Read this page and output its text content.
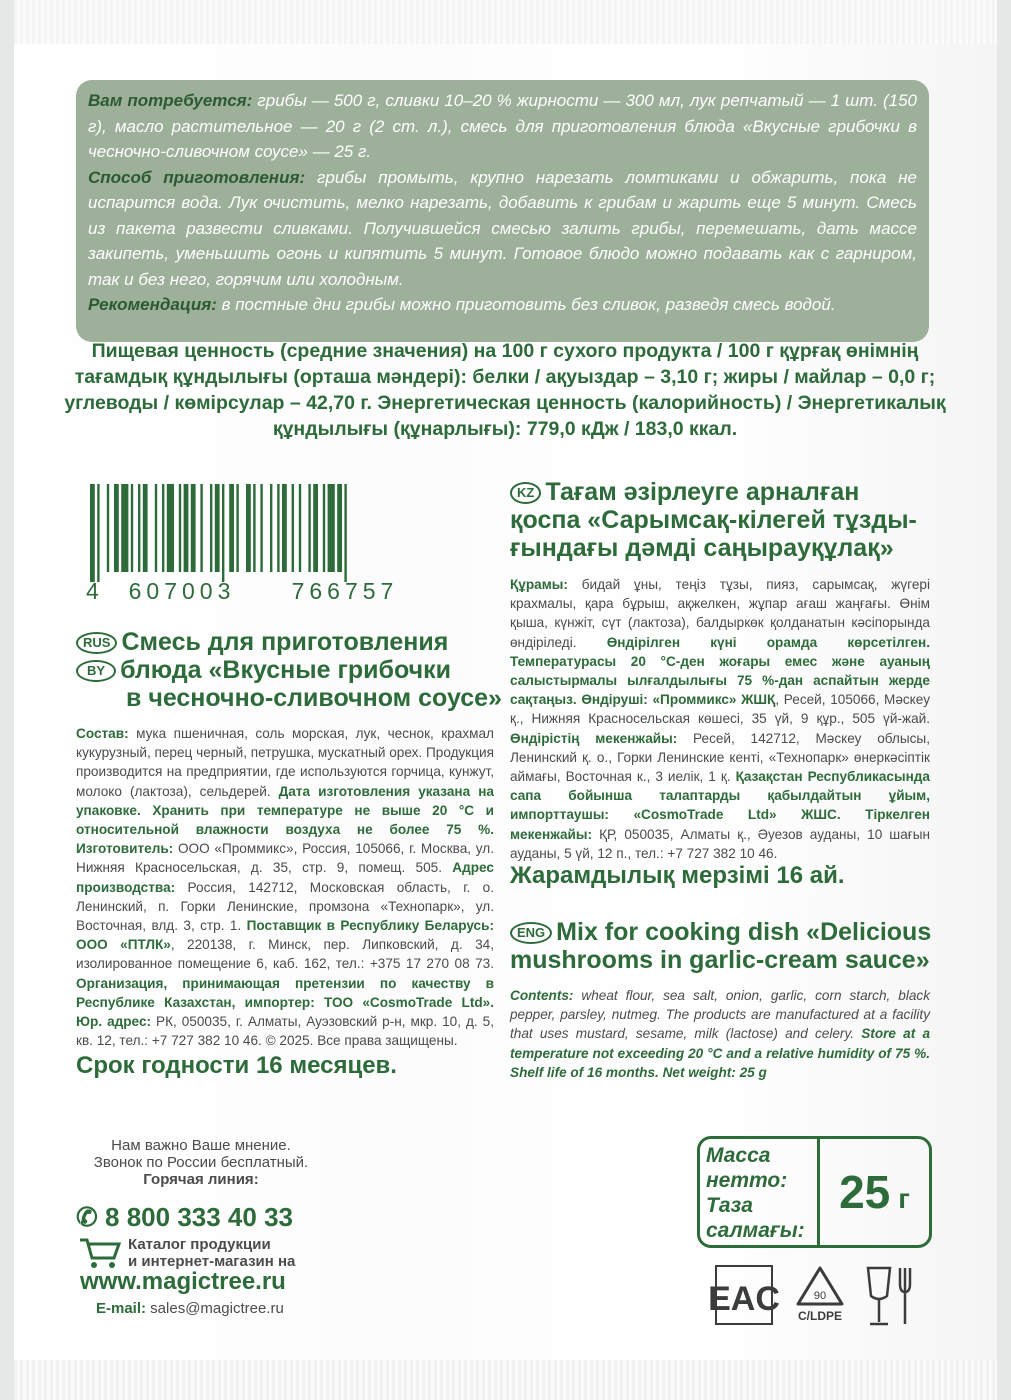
Вам потребуется: грибы — 500 г, сливки 10–20 % жирности — 300 мл, лук репчатый — 1 шт. (150 г), масло растительное — 20 г (2 ст. л.), смесь для приготовления блюда «Вкусные грибочки в чесночно-сливочном соусе» — 25 г.
Способ приготовления: грибы промыть, крупно нарезать ломтиками и обжарить, пока не испарится вода. Лук очистить, мелко нарезать, добавить к грибам и жарить еще 5 минут. Смесь из пакета развести сливками. Получившейся смесью залить грибы, перемешать, дать массе закипеть, уменьшить огонь и кипятить 5 минут. Готовое блюдо можно подавать как с гарниром, так и без него, горячим или холодным.
Рекомендация: в постные дни грибы можно приготовить без сливок, разведя смесь водой.
Пищевая ценность (средние значения) на 100 г сухого продукта / 100 г құрғақ өнімнің тағамдық құндылығы (орташа мәндері): белки / ақуыздар – 3,10 г; жиры / майлар – 0,0 г; углеводы / көмірсулар – 42,70 г. Энергетическая ценность (калорийность) / Энергетикалық құндылығы (құнарлығы): 779,0 кДж / 183,0 ккал.
4	607003	766757
RUS Смесь для приготовления
BY блюда «Вкусные грибочки
в чесночно-сливочном соусе»
Состав: мука пшеничная, соль морская, лук, чеснок, крахмал кукурузный, перец черный, петрушка, мускатный орех. Продукция производится на предприятии, где используются горчица, кунжут, молоко (лактоза), сельдерей. Дата изготовления указана на упаковке. Хранить при температуре не выше 20 °C и относительной влажности воздуха не более 75 %. Изготовитель: ООО «Проммикс», Россия, 105066, г. Москва, ул. Нижняя Красносельская, д. 35, стр. 9, помещ. 505. Адрес производства: Россия, 142712, Московская область, г. о. Ленинский, п. Горки Ленинские, промзона «Технопарк», ул. Восточная, влд. 3, стр. 1. Поставщик в Республику Беларусь: ООО «ПТЛК», 220138, г. Минск, пер. Липковский, д. 34, изолированное помещение 6, каб. 162, тел.: +375 17 270 08 73. Организация, принимающая претензии по качеству в Республике Казахстан, импортер: ТОО «CosmoTrade Ltd». Юр. адрес: РК, 050035, г. Алматы, Ауэзовский р-н, мкр. 10, д. 5, кв. 12, тел.: +7 727 382 10 46. © 2025. Все права защищены.
Срок годности 16 месяцев.
KZ Тағам әзірлеуге арналған
қоспа «Сарымсақ-кілегей тұзды-
ғындағы дәмді саңырауқұлақ»
Құрамы: бидай ұны, теңіз тұзы, пияз, сарымсақ, жүгері крахмалы, қара бұрыш, ақжелкен, жұпар ағаш жаңғағы. Өнім қыша, күнжіт, сүт (лактоза), балдыркөк қолданатын кәсіпорында өндіріледі. Өндірілген күні орамда көрсетілген. Температурасы 20 °С-ден жоғары емес және ауаның салыстырмалы ылғалдылығы 75 %-дан аспайтын жерде сақтаңыз. Өндіруші: «Проммикс» ЖШҚ, Ресей, 105066, Мәскеу қ., Нижняя Красносельская көшесі, 35 үй, 9 құр., 505 үй-жай. Өндірістің мекенжайы: Ресей, 142712, Мәскеу облысы, Ленинский қ. о., Горки Ленинские кенті, «Технопарк» өнеркәсіптік аймағы, Восточная к., 3 иелік, 1 қ. Қазақстан Республикасында сапа бойынша талаптарды қабылдайтын ұйым, импорттаушы: «CosmoTrade Ltd» ЖШС. Тіркелген мекенжайы: ҚР, 050035, Алматы қ., Әуезов ауданы, 10 шағын ауданы, 5 үй, 12 п., тел.: +7 727 382 10 46.
Жарамдылық мерзімі 16 ай.
ENG Mix for cooking dish «Delicious
mushrooms in garlic-cream sauce»
Contents: wheat flour, sea salt, onion, garlic, corn starch, black pepper, parsley, nutmeg. The products are manufactured at a facility that uses mustard, sesame, milk (lactose) and celery. Store at a temperature not exceeding 20 °C and a relative humidity of 75 %. Shelf life of 16 months. Net weight: 25 g
Нам важно Ваше мнение.
Звонок по России бесплатный.
Горячая линия:
✆ 8 800 333 40 33
Каталог продукции
и интернет-магазин на
www.magictree.ru
E-mail: sales@magictree.ru
Масса
нетто:
Таза
салмағы:
25 г
EAC	90
C/LDPE
